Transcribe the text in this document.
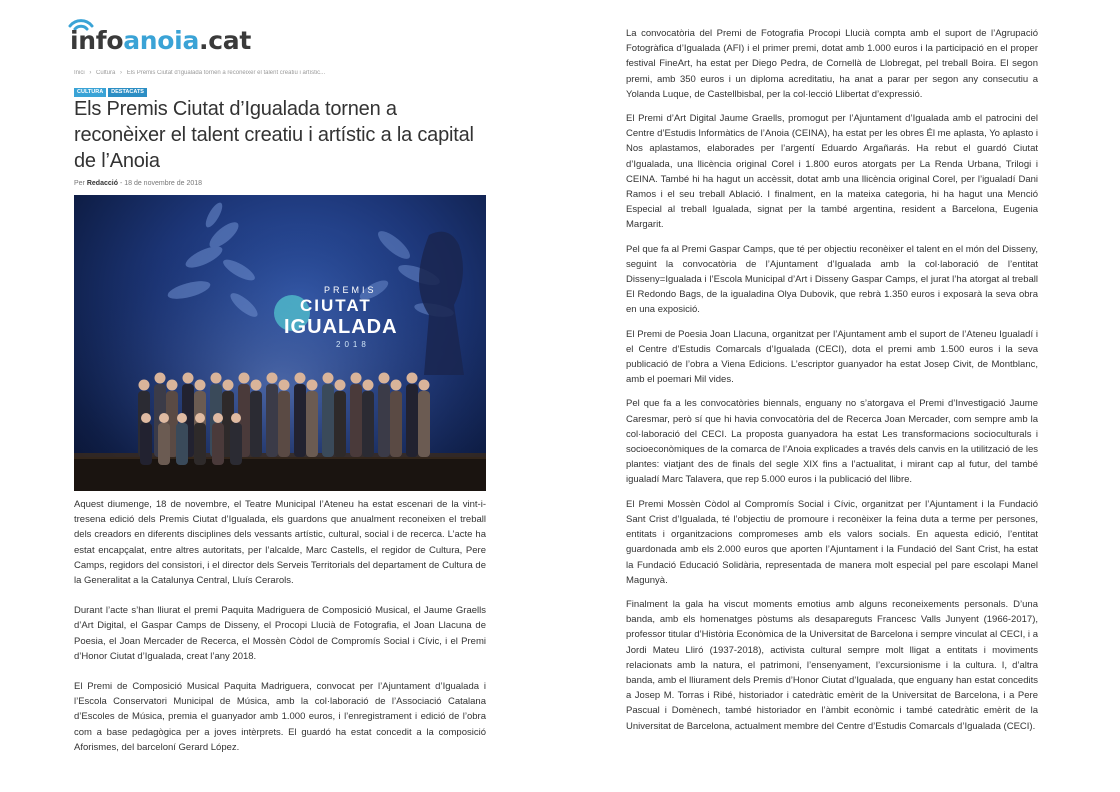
infoanoia.cat
Inici › Cultura › Els Premis Ciutat d’Igualada tornen a reconèixer el talent creatiu i artístic...
CULTURA DESTACATS
Els Premis Ciutat d’Igualada tornen a reconèixer el talent creatiu i artístic a la capital de l’Anoia
Per Redacció - 18 de novembre de 2018
PREMIS
CIUTAT
IGUALADA
2018

Aquest diumenge, 18 de novembre, el Teatre Municipal l’Ateneu ha estat escenari de la vint-i-tresena edició dels Premis Ciutat d’Igualada, els guardons que anualment reconeixen el treball dels creadors en diferents disciplines dels vessants artístic, cultural, social i de recerca. L’acte ha estat encapçalat, entre altres autoritats, per l’alcalde, Marc Castells, el regidor de Cultura, Pere Camps, regidors del consistori, i el director dels Serveis Territorials del departament de Cultura de la Generalitat a la Catalunya Central, Lluís Cerarols.

Durant l’acte s’han lliurat el premi Paquita Madriguera de Composició Musical, el Jaume Graells d’Art Digital, el Gaspar Camps de Disseny, el Procopi Llucià de Fotografia, el Joan Llacuna de Poesia, el Joan Mercader de Recerca, el Mossèn Còdol de Compromís Social i Cívic, i el Premi d’Honor Ciutat d’Igualada, creat l’any 2018.

El Premi de Composició Musical Paquita Madriguera, convocat per l’Ajuntament d’Igualada i l’Escola Conservatori Municipal de Música, amb la col·laboració de l’Associació Catalana d’Escoles de Música, premia el guanyador amb 1.000 euros, i l’enregistrament i edició de l’obra com a base pedagògica per a joves intèrprets. El guardó ha estat concedit a la composició Aforismes, del barceloní Gerard López.

La convocatòria del Premi de Fotografia Procopi Llucià compta amb el suport de l’Agrupació Fotogràfica d’Igualada (AFI) i el primer premi, dotat amb 1.000 euros i la participació en el proper festival FineArt, ha estat per Diego Pedra, de Cornellà de Llobregat, pel treball Boira. El segon premi, amb 350 euros i un diploma acreditatiu, ha anat a parar per segon any consecutiu a Yolanda Luque, de Castellbisbal, per la col·lecció Llibertat d’expressió.

El Premi d’Art Digital Jaume Graells, promogut per l’Ajuntament d’Igualada amb el patrocini del Centre d’Estudis Informàtics de l’Anoia (CEINA), ha estat per les obres Él me aplasta, Yo aplasto i Nos aplastamos, elaborades per l’argentí Eduardo Argañarás. Ha rebut el guardó Ciutat d’Igualada, una llicència original Corel i 1.800 euros atorgats per La Renda Urbana, Trilogi i CEINA. També hi ha hagut un accèssit, dotat amb una llicència original Corel, per l’igualadí Dani Ramos i el seu treball Ablació. I finalment, en la mateixa categoria, hi ha hagut una Menció Especial al treball Igualada, signat per la també argentina, resident a Barcelona, Eugenia Margarit.

Pel que fa al Premi Gaspar Camps, que té per objectiu reconèixer el talent en el món del Disseny, seguint la convocatòria de l’Ajuntament d’Igualada amb la col·laboració de l’entitat Disseny=Igualada i l’Escola Municipal d’Art i Disseny Gaspar Camps, el jurat l’ha atorgat al treball El Redondo Bags, de la igualadina Olya Dubovik, que rebrà 1.350 euros i exposarà la seva obra en una exposició.

El Premi de Poesia Joan Llacuna, organitzat per l’Ajuntament amb el suport de l’Ateneu Igualadí i el Centre d’Estudis Comarcals d’Igualada (CECI), dota el premi amb 1.500 euros i la seva publicació de l’obra a Viena Edicions. L’escriptor guanyador ha estat Josep Civit, de Montblanc, amb el poemari Mil vides.

Pel que fa a les convocatòries biennals, enguany no s’atorgava el Premi d’Investigació Jaume Caresmar, però sí que hi havia convocatòria del de Recerca Joan Mercader, com sempre amb la col·laboració del CECI. La proposta guanyadora ha estat Les transformacions socioculturals i socioeconòmiques de la comarca de l’Anoia explicades a través dels canvis en la utilització de les plantes: viatjant des de finals del segle XIX fins a l’actualitat, i mirant cap al futur, del també igualadí Marc Talavera, que rep 5.000 euros i la publicació del llibre.

El Premi Mossèn Còdol al Compromís Social i Cívic, organitzat per l’Ajuntament i la Fundació Sant Crist d’Igualada, té l’objectiu de promoure i reconèixer la feina duta a terme per persones, entitats i organitzacions compromeses amb els valors socials. En aquesta edició, l’entitat guardonada amb els 2.000 euros que aporten l’Ajuntament i la Fundació del Sant Crist, ha estat la Fundació Educació Solidària, representada de manera molt especial pel pare escolapi Manel Magunyà.

Finalment la gala ha viscut moments emotius amb alguns reconeixements personals. D’una banda, amb els homenatges pòstums als desapareguts Francesc Valls Junyent (1966-2017), professor titular d’Història Econòmica de la Universitat de Barcelona i sempre vinculat al CECI, i a Jordi Mateu Lliró (1937-2018), activista cultural sempre molt lligat a entitats i moviments relacionats amb la natura, el patrimoni, l’ensenyament, l’excursionisme i la cultura. I, d’altra banda, amb el lliurament dels Premis d’Honor Ciutat d’Igualada, que enguany han estat concedits a Josep M. Torras i Ribé, historiador i catedràtic emèrit de la Universitat de Barcelona, i a Pere Pascual i Domènech, també historiador en l’àmbit econòmic i també catedràtic emèrit de la Universitat de Barcelona, actualment membre del Centre d’Estudis Comarcals d’Igualada (CECI).
